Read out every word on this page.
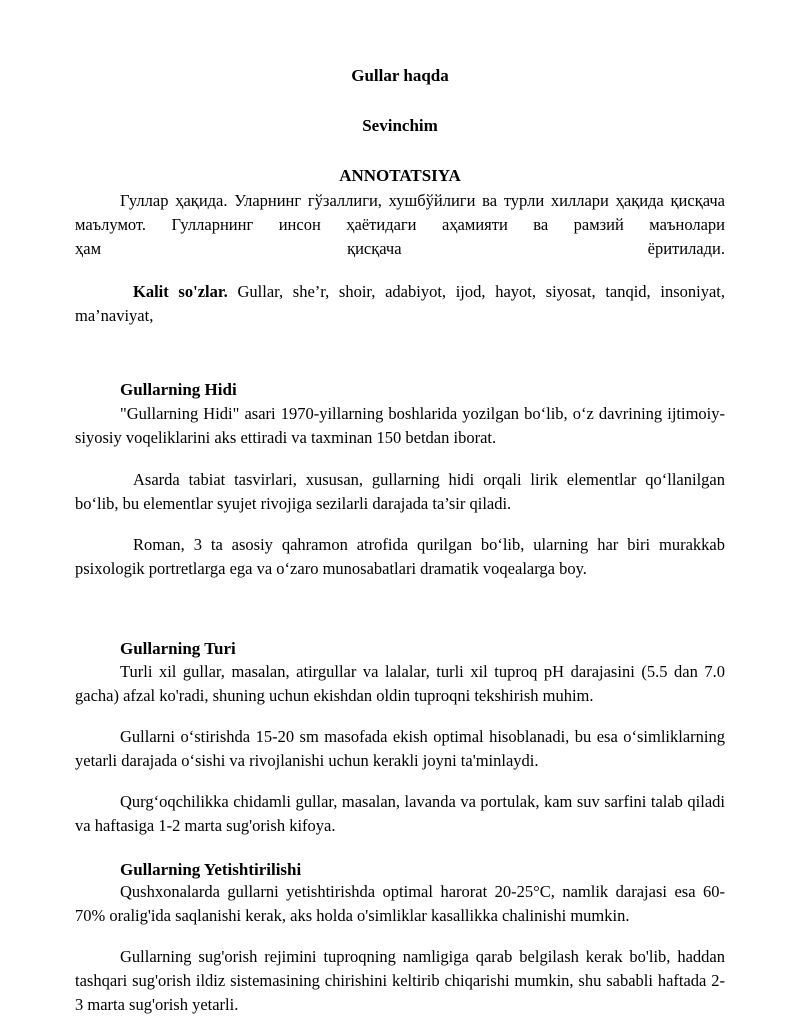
Gullar haqda
Sevinchim
ANNOTATSIYA
Гуллар ҳақида. Уларнинг гўзаллиги, хушбўйлиги ва турли хиллари ҳақида қисқача маълумот. Гулларнинг инсон ҳаётидаги аҳамияти ва рамзий маънолари
ҳам	қисқача	ёритилади.
Kalit so'zlar. Gullar, she’r, shoir, adabiyot, ijod, hayot, siyosat, tanqid, insoniyat, ma’naviyat,
Gullarning Hidi
"Gullarning Hidi" asari 1970-yillarning boshlarida yozilgan bo‘lib, o‘z davrining ijtimoiy-siyosiy voqeliklarini aks ettiradi va taxminan 150 betdan iborat.
Asarda tabiat tasvirlari, xususan, gullarning hidi orqali lirik elementlar qo‘llanilgan bo‘lib, bu elementlar syujet rivojiga sezilarli darajada ta’sir qiladi.
Roman, 3 ta asosiy qahramon atrofida qurilgan bo‘lib, ularning har biri murakkab psixologik portretlarga ega va o‘zaro munosabatlari dramatik voqealarga boy.
Gullarning Turi
Turli xil gullar, masalan, atirgullar va lalalar, turli xil tuproq pH darajasini (5.5 dan 7.0 gacha) afzal ko'radi, shuning uchun ekishdan oldin tuproqni tekshirish muhim.
Gullarni o‘stirishda 15-20 sm masofada ekish optimal hisoblanadi, bu esa o‘simliklarning yetarli darajada o‘sishi va rivojlanishi uchun kerakli joyni ta'minlaydi.
Qurg‘oqchilikka chidamli gullar, masalan, lavanda va portulak, kam suv sarfini talab qiladi va haftasiga 1-2 marta sug'orish kifoya.
Gullarning Yetishtirilishi
Qushxonalarda gullarni yetishtirishda optimal harorat 20-25°C, namlik darajasi esa 60-70% oralig'ida saqlanishi kerak, aks holda o'simliklar kasallikka chalinishi mumkin.
Gullarning sug'orish rejimini tuproqning namligiga qarab belgilash kerak bo'lib, haddan tashqari sug'orish ildiz sistemasining chirishini keltirib chiqarishi mumkin, shu sababli haftada 2-3 marta sug'orish yetarli.
